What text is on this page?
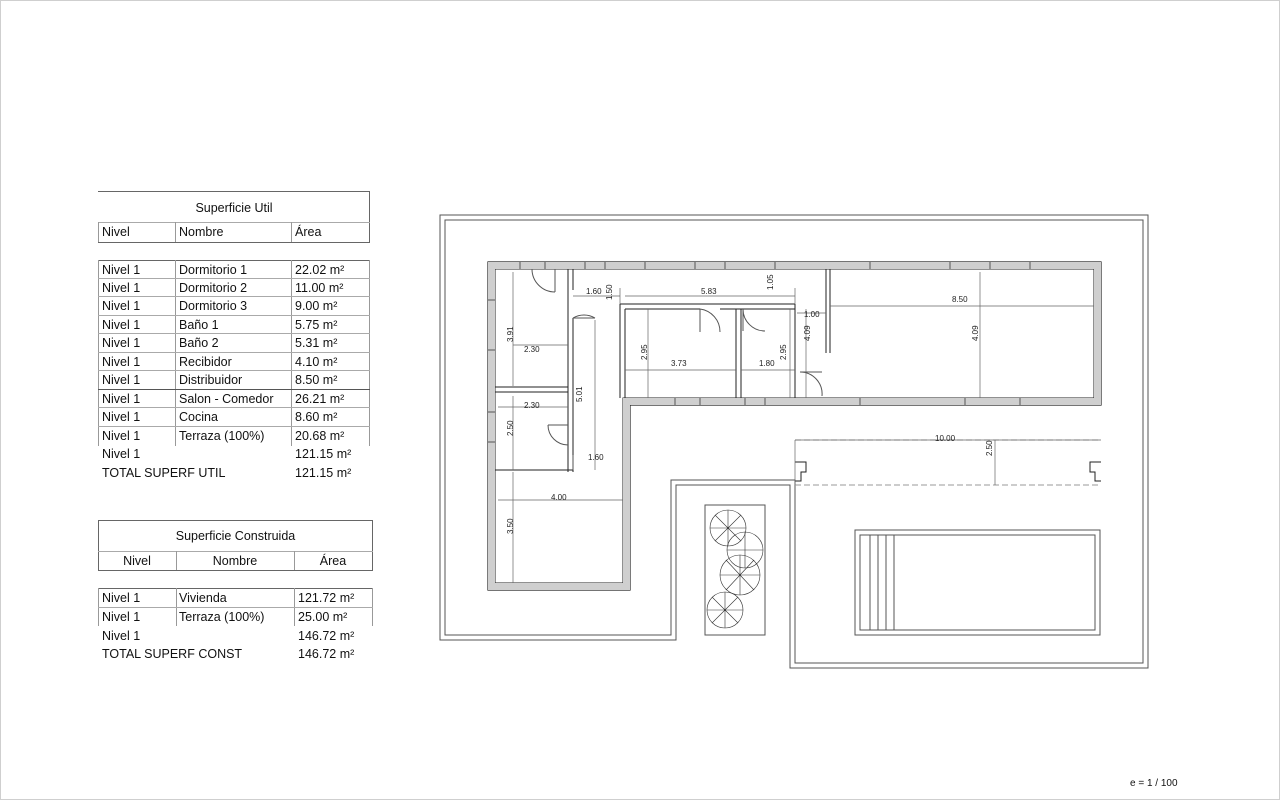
Superficie Util
Nivel	Nombre	Área
Nivel 1	Dormitorio 1	22.02 m²
Nivel 1	Dormitorio 2	11.00 m²
Nivel 1	Dormitorio 3	9.00 m²
Nivel 1	Baño 1	5.75 m²
Nivel 1	Baño 2	5.31 m²
Nivel 1	Recibidor	4.10 m²
Nivel 1	Distribuidor	8.50 m²
Nivel 1	Salon - Comedor 26.21 m²
Nivel 1	Cocina	8.60 m²
Nivel 1	Terraza (100%) 20.68 m²
Nivel 1	121.15 m²
TOTAL SUPERF UTIL	121.15 m²
Superficie Construida
Nivel	Nombre	Área
Nivel 1	Vivienda	121.72 m²
Nivel 1	Terraza (100%)	25.00 m²
Nivel 1	146.72 m²
TOTAL SUPERF CONST	146.72 m²
1.60 1.50	5.83
1.05
1.00
8.50
3.91
2.30	2.95
3.73	1.80
2.95
4.09	4.09
5.01
2.30
2.50
1.60
10.00
2.50
4.00
3.50
e = 1 / 100
